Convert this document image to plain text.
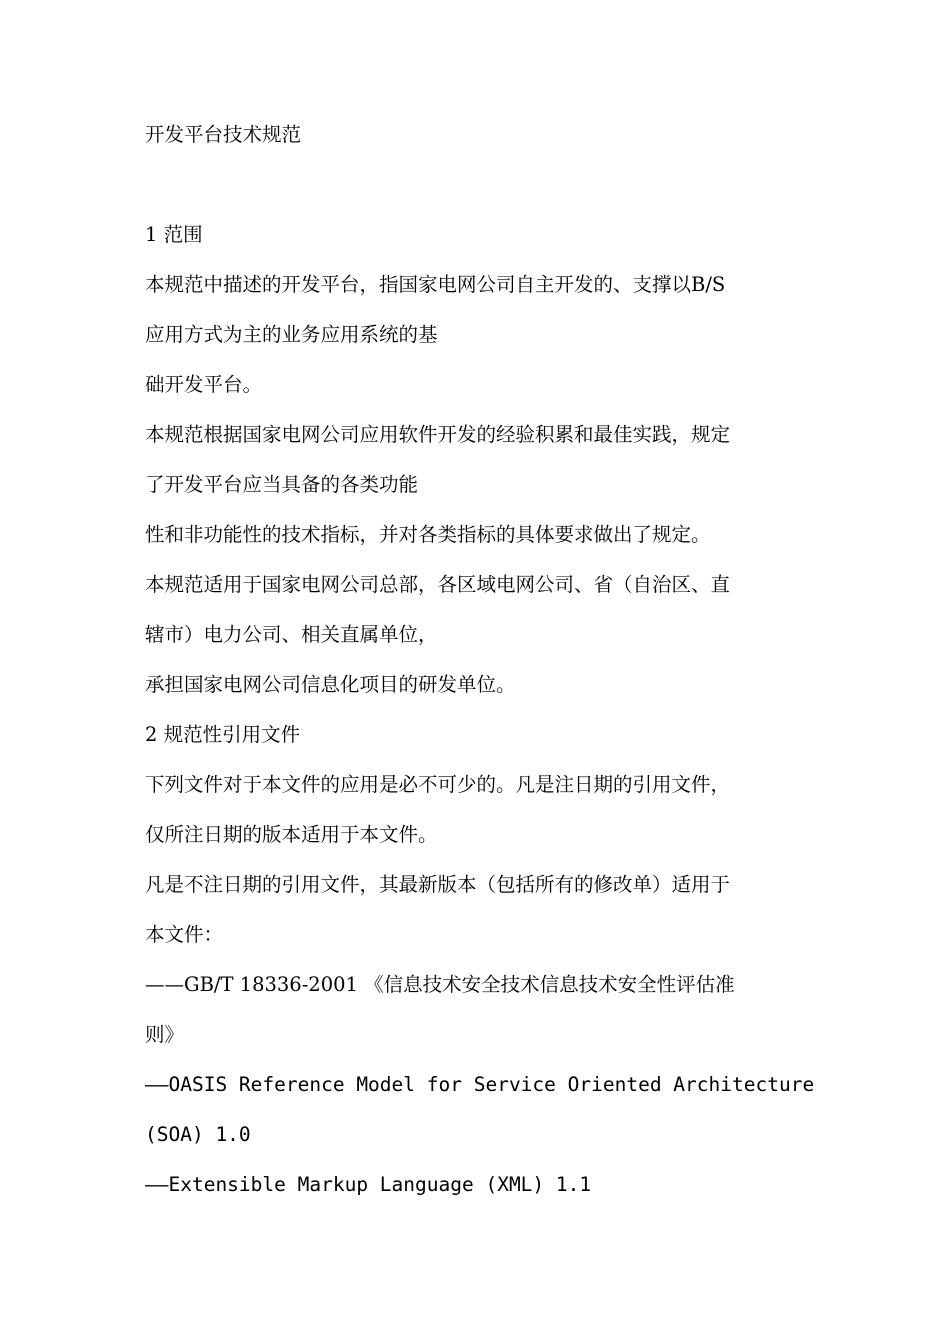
开发平台技术规范
1 范围
本规范中描述的开发平台，指国家电网公司自主开发的、支撑以B/S
应用方式为主的业务应用系统的基
础开发平台。
本规范根据国家电网公司应用软件开发的经验积累和最佳实践，规定
了开发平台应当具备的各类功能
性和非功能性的技术指标，并对各类指标的具体要求做出了规定。
本规范适用于国家电网公司总部，各区域电网公司、省（自治区、直
辖市）电力公司、相关直属单位，
承担国家电网公司信息化项目的研发单位。
2 规范性引用文件
下列文件对于本文件的应用是必不可少的。凡是注日期的引用文件，
仅所注日期的版本适用于本文件。
凡是不注日期的引用文件，其最新版本（包括所有的修改单）适用于
本文件：
——GB/T 18336-2001 《信息技术安全技术信息技术安全性评估准
则》
——OASIS Reference Model for Service Oriented Architecture
(SOA) 1.0
——Extensible Markup Language (XML) 1.1
